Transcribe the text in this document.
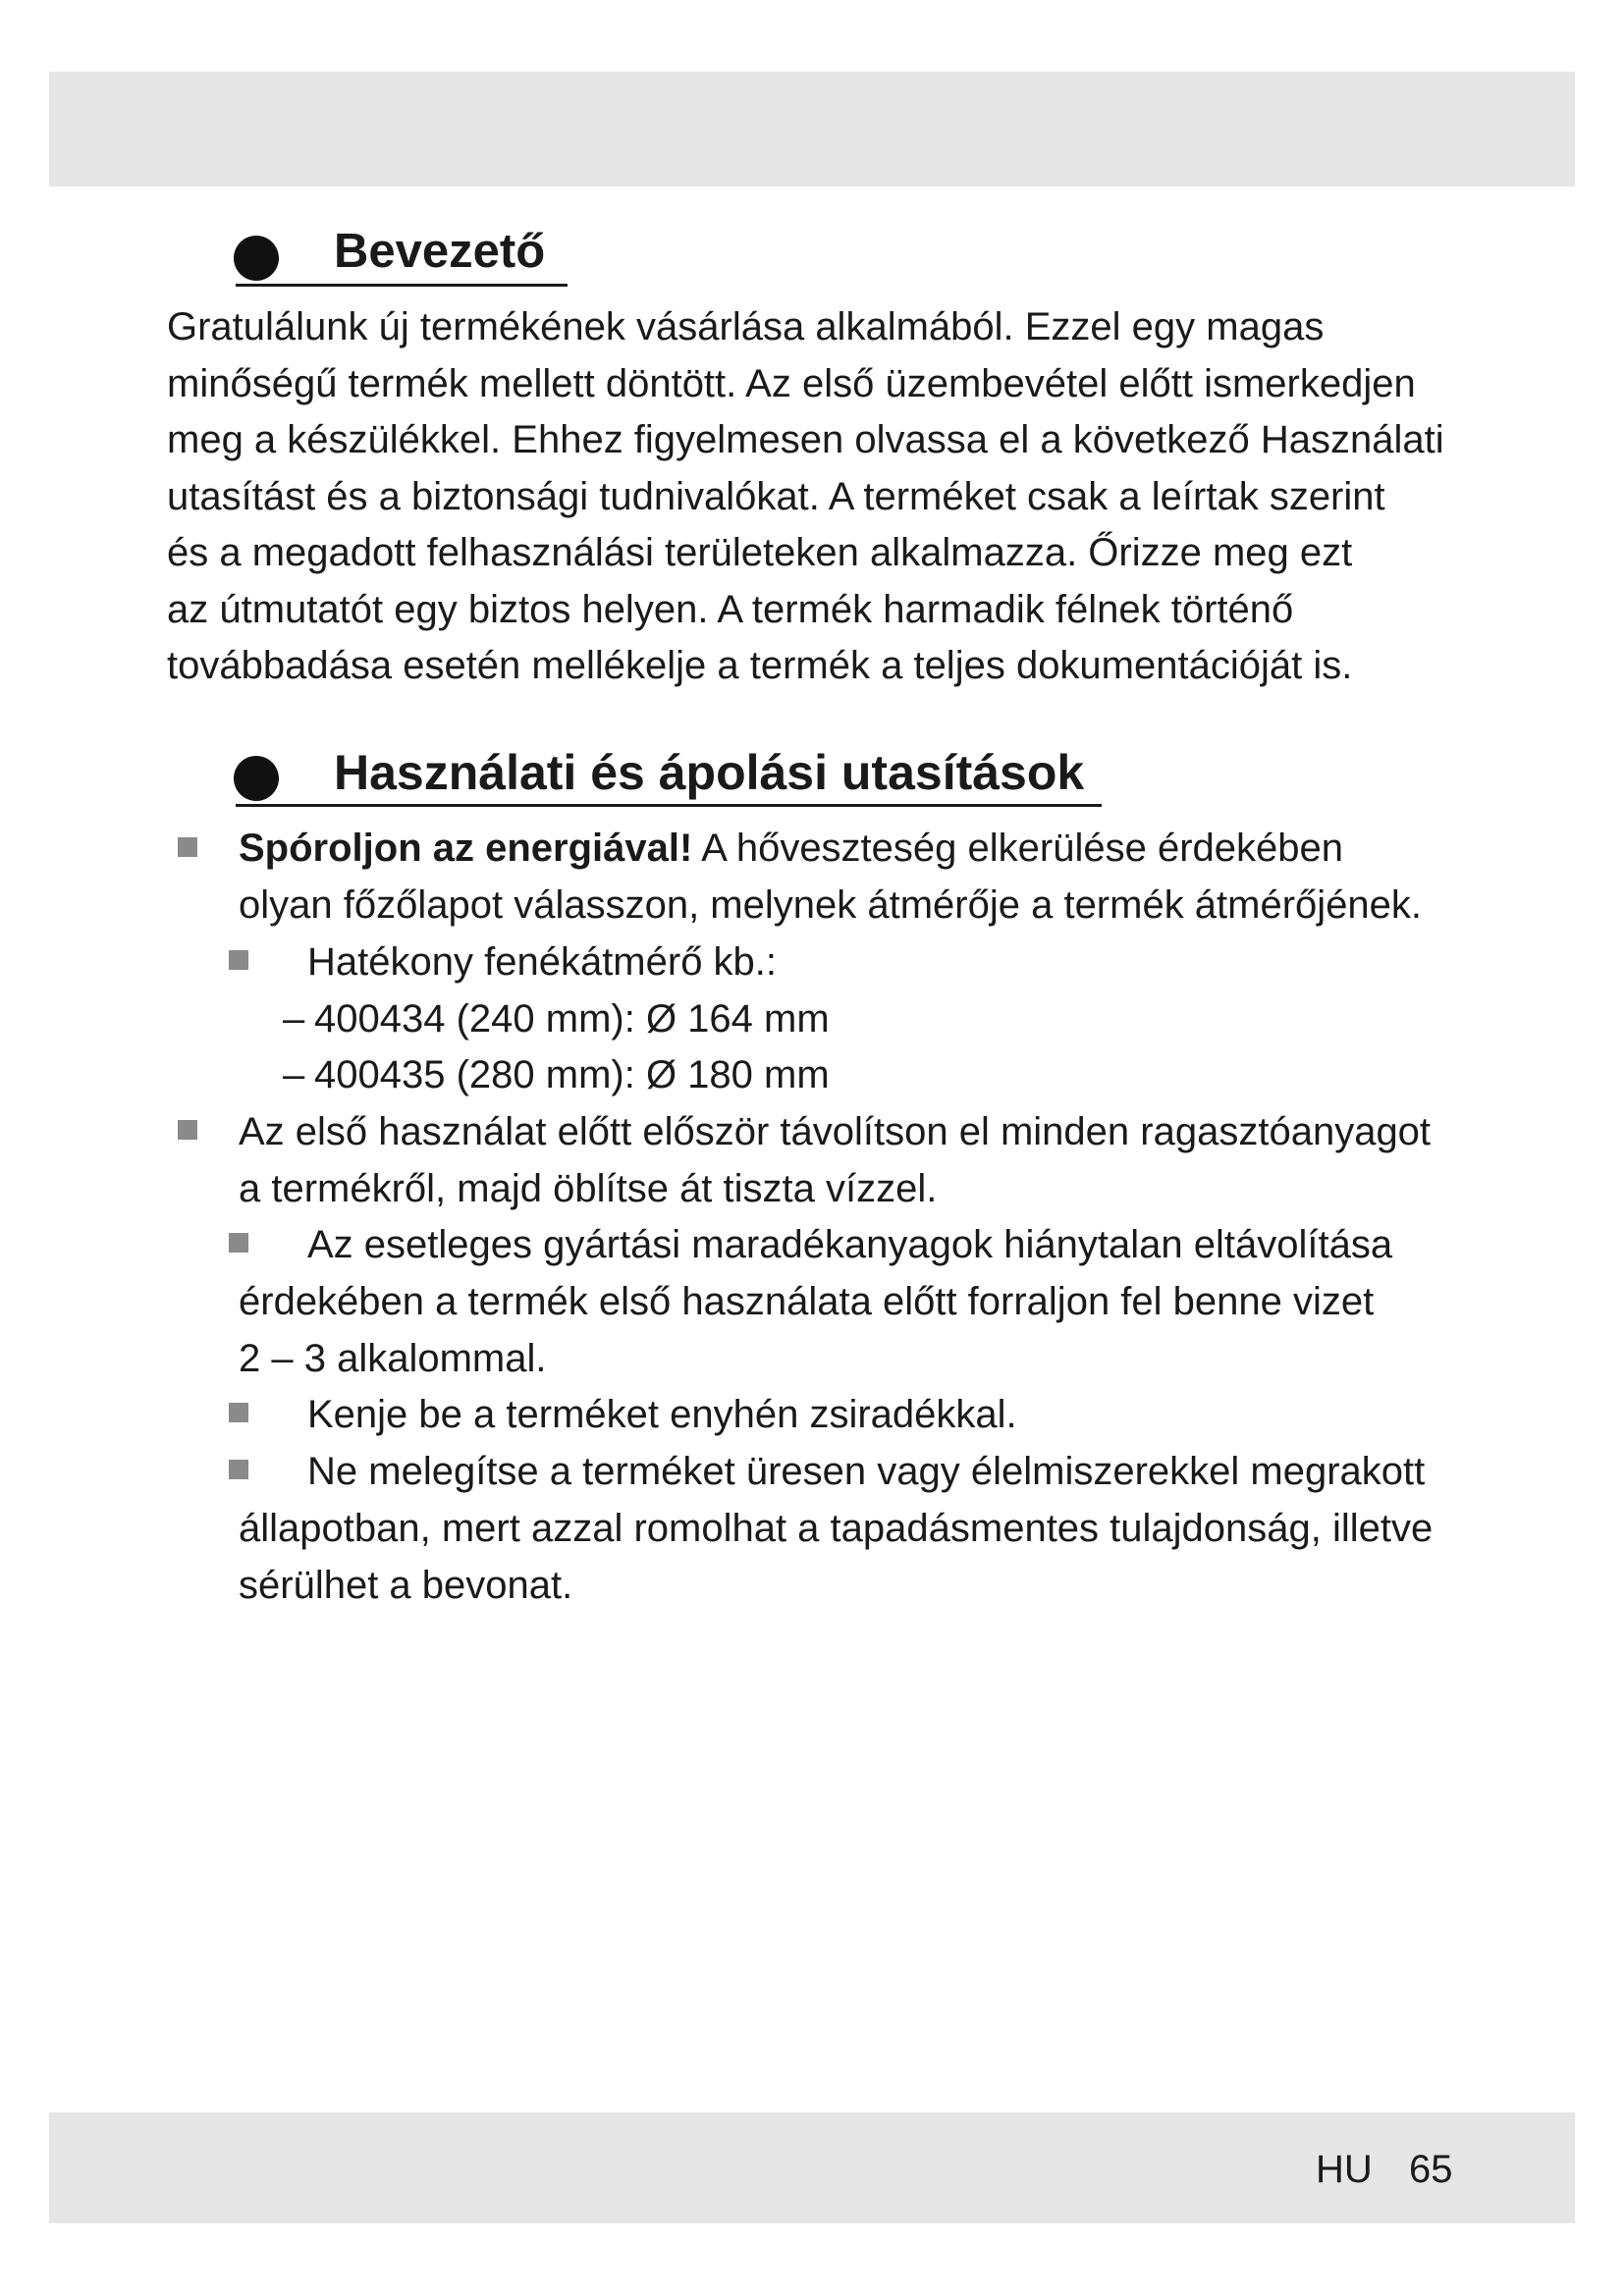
Bevezető
Gratulálunk új termékének vásárlása alkalmából. Ezzel egy magas
minőségű termék mellett döntött. Az első üzembevétel előtt ismerkedjen
meg a készülékkel. Ehhez figyelmesen olvassa el a következő Használati
utasítást és a biztonsági tudnivalókat. A terméket csak a leírtak szerint
és a megadott felhasználási területeken alkalmazza. Őrizze meg ezt
az útmutatót egy biztos helyen. A termék harmadik félnek történő
továbbadása esetén mellékelje a termék a teljes dokumentációját is.
Használati és ápolási utasítások
Spóroljon az energiával! A hőveszteség elkerülése érdekében
olyan főzőlapot válasszon, melynek átmérője a termék átmérőjének.
Hatékony fenékátmérő kb.:
– 400434 (240 mm): Ø 164 mm
– 400435 (280 mm): Ø 180 mm
Az első használat előtt először távolítson el minden ragasztóanyagot
a termékről, majd öblítse át tiszta vízzel.
Az esetleges gyártási maradékanyagok hiánytalan eltávolítása
érdekében a termék első használata előtt forraljon fel benne vizet
2 – 3 alkalommal.
Kenje be a terméket enyhén zsiradékkal.
Ne melegítse a terméket üresen vagy élelmiszerekkel megrakott
állapotban, mert azzal romolhat a tapadásmentes tulajdonság, illetve
sérülhet a bevonat.
HU 65
